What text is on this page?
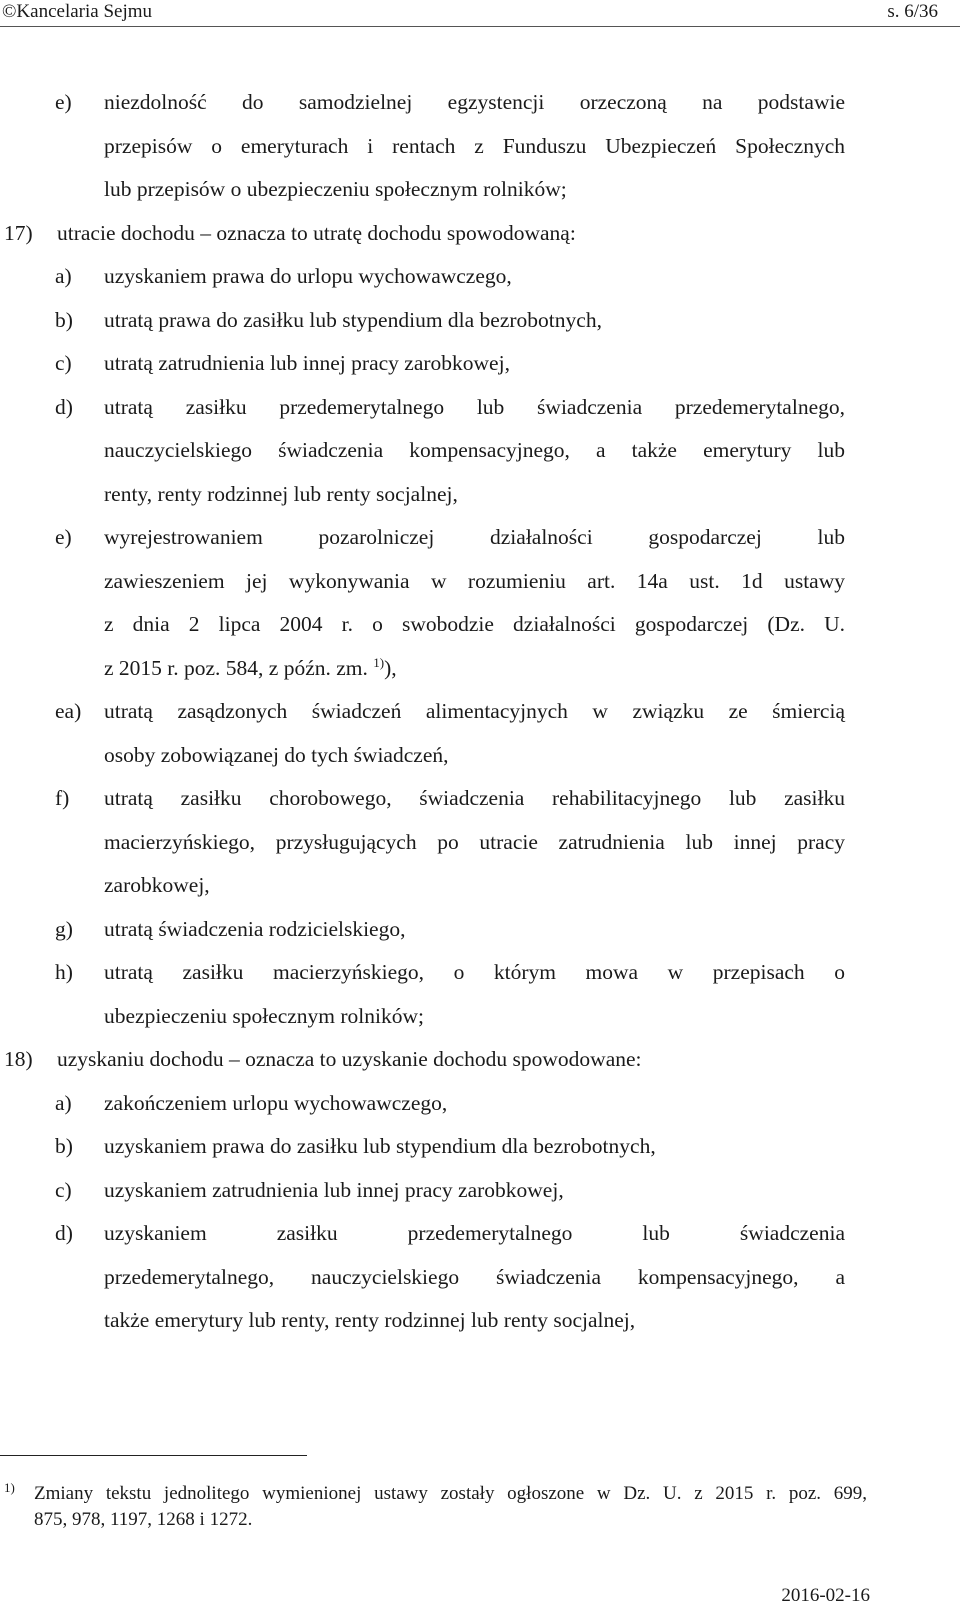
©Kancelaria Sejmu	s. 6/36
e) niezdolność do samodzielnej egzystencji orzeczoną na podstawie
przepisów o emeryturach i rentach z Funduszu Ubezpieczeń Społecznych
lub przepisów o ubezpieczeniu społecznym rolników;
17) utracie dochodu – oznacza to utratę dochodu spowodowaną:
a) uzyskaniem prawa do urlopu wychowawczego,
b) utratą prawa do zasiłku lub stypendium dla bezrobotnych,
c) utratą zatrudnienia lub innej pracy zarobkowej,
d) utratą zasiłku przedemerytalnego lub świadczenia przedemerytalnego,
nauczycielskiego świadczenia kompensacyjnego, a także emerytury lub
renty, renty rodzinnej lub renty socjalnej,
e) wyrejestrowaniem pozarolniczej działalności gospodarczej lub
zawieszeniem jej wykonywania w rozumieniu art. 14a ust. 1d ustawy
z dnia 2 lipca 2004 r. o swobodzie działalności gospodarczej (Dz. U.
z 2015 r. poz. 584, z późn. zm. $^{1)}$),
ea) utratą zasądzonych świadczeń alimentacyjnych w związku ze śmiercią
osoby zobowiązanej do tych świadczeń,
f) utratą zasiłku chorobowego, świadczenia rehabilitacyjnego lub zasiłku
macierzyńskiego, przysługujących po utracie zatrudnienia lub innej pracy
zarobkowej,
g) utratą świadczenia rodzicielskiego,
h) utratą zasiłku macierzyńskiego, o którym mowa w przepisach o
ubezpieczeniu społecznym rolników;
18) uzyskaniu dochodu – oznacza to uzyskanie dochodu spowodowane:
a) zakończeniem urlopu wychowawczego,
b) uzyskaniem prawa do zasiłku lub stypendium dla bezrobotnych,
c) uzyskaniem zatrudnienia lub innej pracy zarobkowej,
d) uzyskaniem zasiłku przedemerytalnego lub świadczenia
przedemerytalnego, nauczycielskiego świadczenia kompensacyjnego, a
także emerytury lub renty, renty rodzinnej lub renty socjalnej,
1) Zmiany tekstu jednolitego wymienionej ustawy zostały ogłoszone w Dz. U. z 2015 r. poz. 699,
875, 978, 1197, 1268 i 1272.
2016-02-16
